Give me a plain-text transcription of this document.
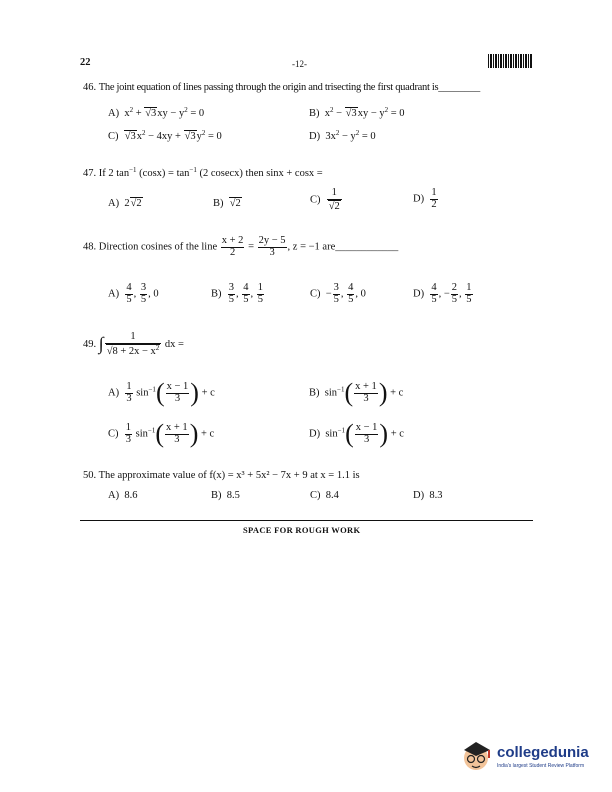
22	-12-
46. The joint equation of lines passing through the origin and trisecting the first quadrant is________
A)  $x^2 + √3xy - y^2 = 0$	B)  $x^2 - √3xy - y^2 = 0$
C) $√3x^2 - 4xy + √3y^2 = 0$	D)  $3x^2 - y^2 = 0$
47. If 2 $\tan^{-1} (\cos x) = \tan^{-1} (2$ cosecx) then sinx + cosx =
A)  2√2	B) √2	$C) \frac{1}{√2}$	$D) \frac{1}{2}$
48. Direction cosines of the line $\frac{x + 2}{2} = \frac{2y - 5}{3}$ , z = −1 are____________
$A) \frac{4}{5}$ , $\frac{3}{5}$ , 0	$B) \frac{3}{5}$ , $\frac{4}{5}$ , $\frac{1}{5}$	$C) - \frac{3}{5}$ , $\frac{4}{5}$ , 0	$D) \frac{4}{5}$ , − $\frac{2}{5}$ , $\frac{1}{5}$
49. ∫ $\frac{1}{√8 + 2x - x^2}$ dx =
$A) \frac{1}{3} \sin^{-1}( \frac{x - 1}{3}$ ) + c	B)  $\sin^{-1}( \frac{x + 1}{3}$ ) + c
$C) \frac{1}{3} \sin^{-1}( \frac{x + 1}{3}$ ) + c	D)  $\sin^{-1}( \frac{x - 1}{3}$ ) + c
50. The approximate value of f(x) = x³ + 5x² − 7x + 9 at x = 1.1 is
A) 8.6	B) 8.5	C) 8.4	D) 8.3
SPACE FOR ROUGH WORK
collegedunia
India's largest Student Review Platform
